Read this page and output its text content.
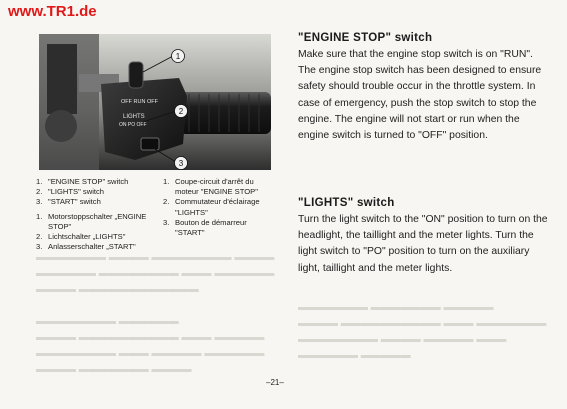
▬▬▬▬▬▬▬ ▬▬▬▬ ▬▬▬▬▬▬▬▬ ▬▬▬▬
▬▬▬▬▬▬ ▬▬▬▬▬▬▬▬ ▬▬▬ ▬▬▬▬▬▬
▬▬▬▬ ▬▬▬▬▬▬▬▬▬▬▬▬

▬▬▬▬▬▬▬▬ ▬▬▬▬▬▬
▬▬▬▬ ▬▬▬▬▬▬▬▬▬▬ ▬▬▬ ▬▬▬▬▬
▬▬▬▬▬▬▬▬ ▬▬▬ ▬▬▬▬▬ ▬▬▬▬▬▬
▬▬▬▬ ▬▬▬▬▬▬▬ ▬▬▬▬
▬▬▬▬▬▬▬ ▬▬▬▬▬▬▬ ▬▬▬▬▬
▬▬▬▬ ▬▬▬▬▬▬▬▬▬▬ ▬▬▬ ▬▬▬▬▬▬▬
▬▬▬▬▬▬▬▬ ▬▬▬▬ ▬▬▬▬▬ ▬▬▬
▬▬▬▬▬▬ ▬▬▬▬▬
www.TR1.de
OFF RUN OFF
LIGHTS
ON PO OFF
1
2
3
1. "ENGINE STOP" switch
2. "LIGHTS" switch
3. "START" switch
1. Motorstoppschalter „ENGINE STOP"
2. Lichtschalter „LIGHTS"
3. Anlasserschalter „START"
1. Coupe-circuit d'arrêt du moteur "ENGINE STOP"
2. Commutateur d'éclairage "LIGHTS"
3. Bouton de démarreur "START"
"ENGINE STOP" switch

Make sure that the engine stop switch is on "RUN". The engine stop switch has been designed to ensure safety should trouble occur in the throttle system. In case of emergency, push the stop switch to stop the engine. The engine will not start or run when the engine switch is turned to "OFF" position.

"LIGHTS" switch

Turn the light switch to the "ON" position to turn on the headlight, the taillight and the meter lights. Turn the light switch to "PO" position to turn on the auxiliary light, taillight and the meter lights.

–21–
